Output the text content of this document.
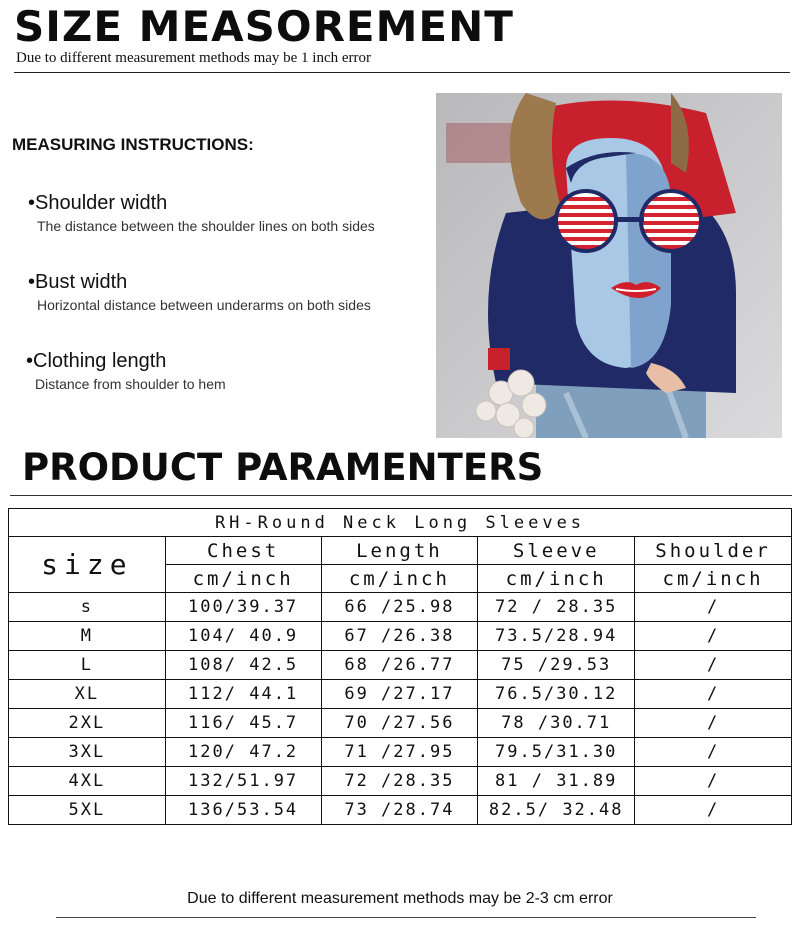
SIZE MEASOREMENT
Due to different measurement methods may be 1 inch error
MEASURING INSTRUCTIONS:
•Shoulder width
The distance between the shoulder lines on both sides
•Bust width
Horizontal distance between underarms on both sides
•Clothing length
Distance from shoulder to hem
PRODUCT PARAMENTERS
RH-Round Neck Long Sleeves				
size	Chest	Length	Sleeve	Shoulder
	cm/inch	cm/inch	cm/inch	cm/inch
s	100/39.37	66 /25.98	72 / 28.35	/
M	104/ 40.9	67 /26.38	73.5/28.94	/
L	108/ 42.5	68 /26.77	75 /29.53	/
XL	112/ 44.1	69 /27.17	76.5/30.12	/
2XL	116/ 45.7	70 /27.56	78 /30.71	/
3XL	120/ 47.2	71 /27.95	79.5/31.30	/
4XL	132/51.97	72 /28.35	81 / 31.89	/
5XL	136/53.54	73 /28.74	82.5/ 32.48	/
Due to different measurement methods may be 2-3 cm error
